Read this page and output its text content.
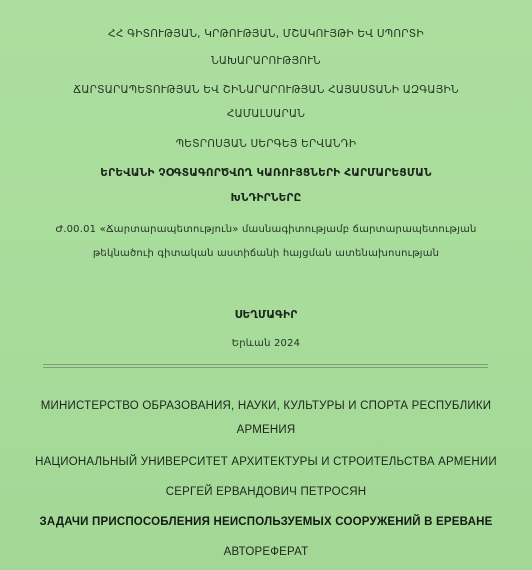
ՀՀ ԳԻՏՈՒԹՅԱՆ, ԿՐԹՈՒԹՅԱՆ, ՄՇԱԿՈՒՅԹԻ ԵՎ ՍՊՈՐՏԻ
ՆԱԽԱՐԱՐՈՒԹՅՈՒՆ
ՃԱՐՏԱՐԱՊԵՏՈՒԹՅԱՆ ԵՎ ՇԻՆԱՐԱՐՈՒԹՅԱՆ ՀԱՅԱՍՏԱՆԻ ԱԶԳԱՅԻՆ
ՀԱՄԱԼՍԱՐԱՆ
ՊԵՏՐՈՍՅԱՆ ՍԵՐԳԵՅ ԵՐՎԱՆԴԻ
ԵՐԵՎԱՆԻ ՉՕԳՏԱԳՈՐԾՎՈՂ ԿԱՌՈՒՅՑՆԵՐԻ ՀԱՐՄԱՐԵՑՄԱՆ
ԽՆԴԻՐՆԵՐԸ
Ժ.00.01 «Ճարտարապետություն» մասնագիտությամբ ճարտարապետության
թեկնածուի գիտական աստիճանի հայցման ատենախոսության
ՍԵՂՄԱԳԻՐ
Երևան 2024
МИНИСТЕРСТВО ОБРАЗОВАНИЯ, НАУКИ, КУЛЬТУРЫ И СПОРТА РЕСПУБЛИКИ
АРМЕНИЯ
НАЦИОНАЛЬНЫЙ УНИВЕРСИТЕТ АРХИТЕКТУРЫ И СТРОИТЕЛЬСТВА АРМЕНИИ
СЕРГЕЙ ЕРВАНДОВИЧ ПЕТРОСЯН
ЗАДАЧИ ПРИСПОСОБЛЕНИЯ НЕИСПОЛЬЗУЕМЫХ СООРУЖЕНИЙ В ЕРЕВАНЕ
АВТОРЕФЕРАТ
